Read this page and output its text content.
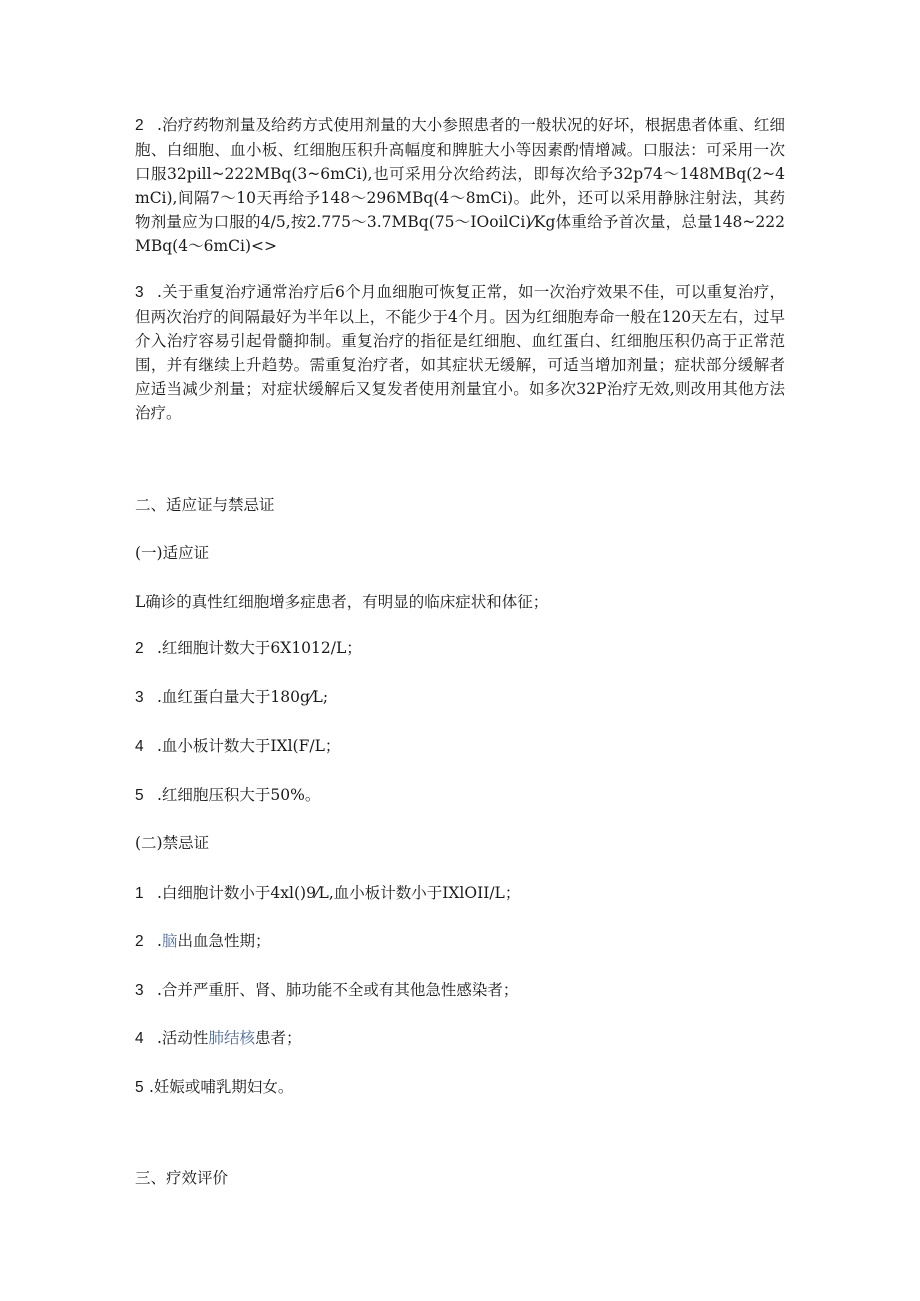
2 .治疗药物剂量及给药方式使用剂量的大小参照患者的一般状况的好坏，根据患者体重、红细胞、白细胞、血小板、红细胞压积升高幅度和脾脏大小等因素酌情增减。口服法：可采用一次口服32pill~222MBq(3~6mCi),也可采用分次给药法，即每次给予32p74～148MBq(2~4mCi),间隔7～10天再给予148～296MBq(4～8mCi)。此外，还可以采用静脉注射法，其药物剂量应为口服的4/5,按2.775～3.7MBq(75～IOoilCi)⁄Kg体重给予首次量，总量148~222MBq(4～6mCi)<>

3 .关于重复治疗通常治疗后6个月血细胞可恢复正常，如一次治疗效果不佳，可以重复治疗，但两次治疗的间隔最好为半年以上，不能少于4个月。因为红细胞寿命一般在120天左右，过早介入治疗容易引起骨髓抑制。重复治疗的指征是红细胞、血红蛋白、红细胞压积仍高于正常范围，并有继续上升趋势。需重复治疗者，如其症状无缓解，可适当增加剂量；症状部分缓解者应适当减少剂量；对症状缓解后又复发者使用剂量宜小。如多次32P治疗无效,则改用其他方法治疗。

二、适应证与禁忌证

(一)适应证

L确诊的真性红细胞增多症患者，有明显的临床症状和体征；

2 .红细胞计数大于6X1012/L；

3 .血红蛋白量大于180g⁄L;

4 .血小板计数大于IXl(F/L；

5 .红细胞压积大于50%。

(二)禁忌证

1 .白细胞计数小于4xl()9⁄L,血小板计数小于IXlOII/L；

2 .脑出血急性期；

3 .合并严重肝、肾、肺功能不全或有其他急性感染者；

4 .活动性肺结核患者；

5 .妊娠或哺乳期妇女。

三、疗效评价
